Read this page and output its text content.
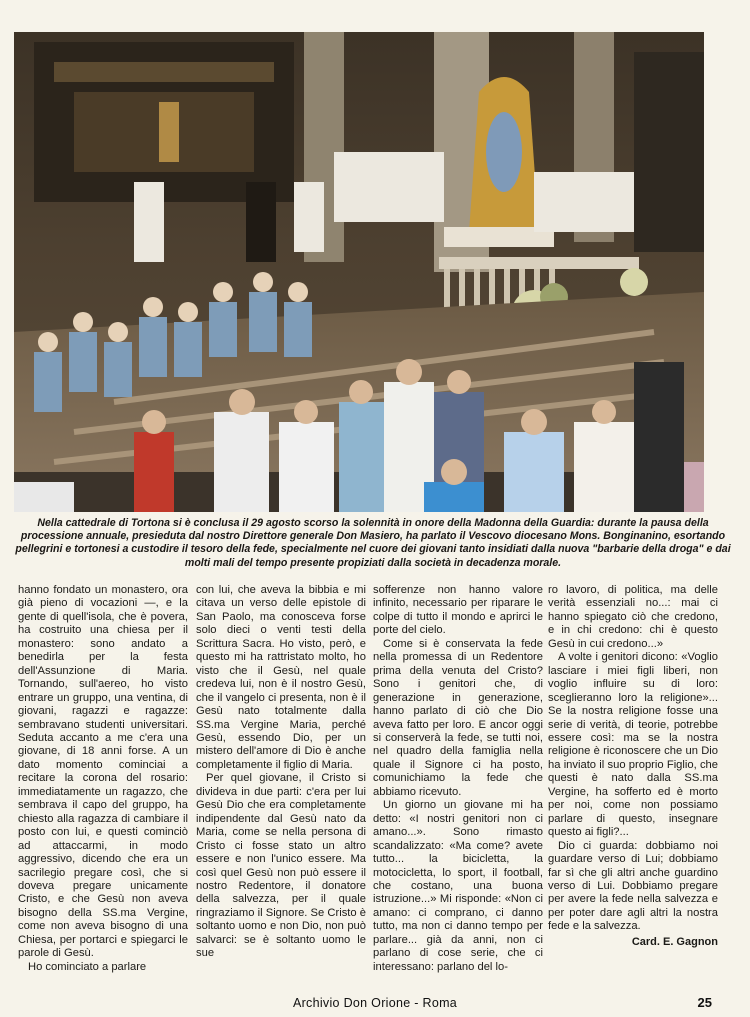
Nella cattedrale di Tortona si è conclusa il 29 agosto scorso la solennità in onore della Madonna della Guardia: durante la pausa della processione annuale, presieduta dal nostro Direttore generale Don Masiero, ha parlato il Vescovo diocesano Mons. Bonginanino, esortando pellegrini e tortonesi a custodire il tesoro della fede, specialmente nel cuore dei giovani tanto insidiati dalla nuova "barbarie della droga" e dai molti mali del tempo presente propiziati dalla società in decadenza morale.

hanno fondato un monastero, ora già pieno di vocazioni —, e la gente di quell'isola, che è povera, ha costruito una chiesa per il monastero: sono andato a benedirla per la festa dell'Assunzione di Maria. Tornando, sull'aereo, ho visto entrare un gruppo, una ventina, di giovani, ragazzi e ragazze: sembravano studenti universitari. Seduta accanto a me c'era una giovane, di 18 anni forse. A un dato momento cominciai a recitare la corona del rosario: immediatamente un ragazzo, che sembrava il capo del gruppo, ha chiesto alla ragazza di cambiare il posto con lui, e questi cominciò ad attaccarmi, in modo aggressivo, dicendo che era un sacrilegio pregare così, che si doveva pregare unicamente Cristo, e che Gesù non aveva bisogno della SS.ma Vergine, come non aveva bisogno di una Chiesa, per portarci e spiegarci le parole di Gesù.

Ho cominciato a parlare

con lui, che aveva la bibbia e mi citava un verso delle epistole di San Paolo, ma conosceva forse solo dieci o venti testi della Scrittura Sacra. Ho visto, però, e questo mi ha rattristato molto, ho visto che il Gesù, nel quale credeva lui, non è il nostro Gesù, che il vangelo ci presenta, non è il Gesù nato totalmente dalla SS.ma Vergine Maria, perché Gesù, essendo Dio, per un mistero dell'amore di Dio è anche completamente il figlio di Maria.

Per quel giovane, il Cristo si divideva in due parti: c'era per lui Gesù Dio che era completamente indipendente dal Gesù nato da Maria, come se nella persona di Cristo ci fosse stato un altro essere e non l'unico essere. Ma così quel Gesù non può essere il nostro Redentore, il donatore della salvezza, per il quale ringraziamo il Signore. Se Cristo è soltanto uomo e non Dio, non può salvarci: se è soltanto uomo le sue

sofferenze non hanno valore infinito, necessario per riparare le colpe di tutto il mondo e aprirci le porte del cielo.

Come si è conservata la fede nella promessa di un Redentore prima della venuta del Cristo? Sono i genitori che, di generazione in generazione, hanno parlato di ciò che Dio aveva fatto per loro. E ancor oggi si conserverà la fede, se tutti noi, nel quadro della famiglia nella quale il Signore ci ha posto, comunichiamo la fede che abbiamo ricevuto.

Un giorno un giovane mi ha detto: «I nostri genitori non ci amano...». Sono rimasto scandalizzato: «Ma come? avete tutto... la bicicletta, la motocicletta, lo sport, il football, che costano, una buona istruzione...» Mi risponde: «Non ci amano: ci comprano, ci danno tutto, ma non ci danno tempo per parlare... già da anni, non ci parlano di cose serie, che ci interessano: parlano del lo-

ro lavoro, di politica, ma delle verità essenziali no...: mai ci hanno spiegato ciò che credono, e in chi credono: chi è questo Gesù in cui credono...»

A volte i genitori dicono: «Voglio lasciare i miei figli liberi, non voglio influire su di loro: sceglieranno loro la religione»... Se la nostra religione fosse una serie di verità, di teorie, potrebbe essere così: ma se la nostra religione è riconoscere che un Dio ha inviato il suo proprio Figlio, che questi è nato dalla SS.ma Vergine, ha sofferto ed è morto per noi, come non possiamo parlare di questo, insegnare questo ai figli?...

Dio ci guarda: dobbiamo noi guardare verso di Lui; dobbiamo far sì che gli altri anche guardino verso di Lui. Dobbiamo pregare per avere la fede nella salvezza e per poter dare agli altri la nostra fede e la salvezza.

Card. E. Gagnon
Archivio Don Orione - Roma	25
